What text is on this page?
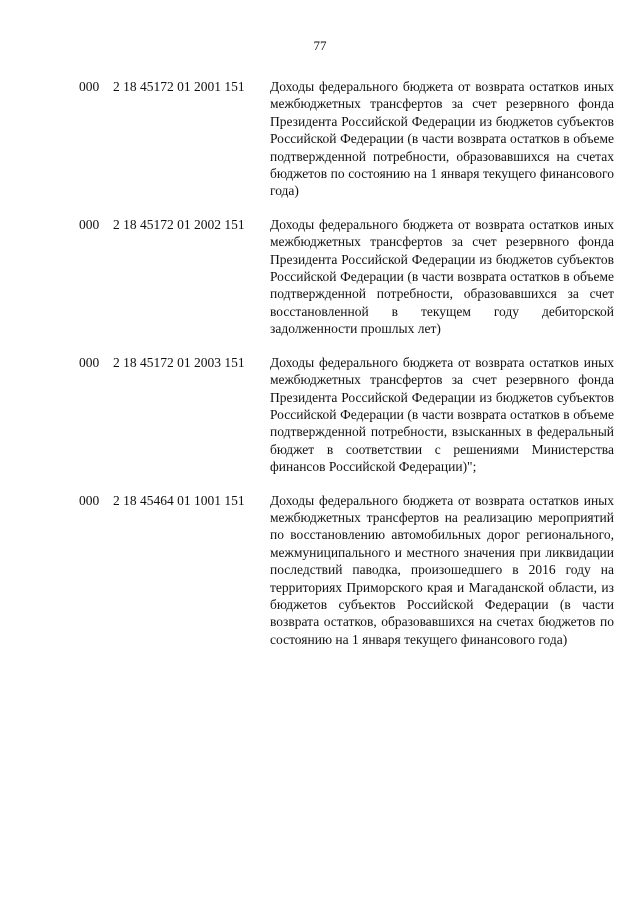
77
000 2 18 45172 01 2001 151 Доходы федерального бюджета от возврата остатков иных межбюджетных трансфертов за счет резервного фонда Президента Российской Федерации из бюджетов субъектов Российской Федерации (в части возврата остатков в объеме подтвержденной потребности, образовавшихся на счетах бюджетов по состоянию на 1 января текущего финансового года)
000 2 18 45172 01 2002 151 Доходы федерального бюджета от возврата остатков иных межбюджетных трансфертов за счет резервного фонда Президента Российской Федерации из бюджетов субъектов Российской Федерации (в части возврата остатков в объеме подтвержденной потребности, образовавшихся за счет восстановленной в текущем году дебиторской задолженности прошлых лет)
000 2 18 45172 01 2003 151 Доходы федерального бюджета от возврата остатков иных межбюджетных трансфертов за счет резервного фонда Президента Российской Федерации из бюджетов субъектов Российской Федерации (в части возврата остатков в объеме подтвержденной потребности, взысканных в федеральный бюджет в соответствии с решениями Министерства финансов Российской Федерации)";
000 2 18 45464 01 1001 151 Доходы федерального бюджета от возврата остатков иных межбюджетных трансфертов на реализацию мероприятий по восстановлению автомобильных дорог регионального, межмуниципального и местного значения при ликвидации последствий паводка, произошедшего в 2016 году на территориях Приморского края и Магаданской области, из бюджетов субъектов Российской Федерации (в части возврата остатков, образовавшихся на счетах бюджетов по состоянию на 1 января текущего финансового года)
